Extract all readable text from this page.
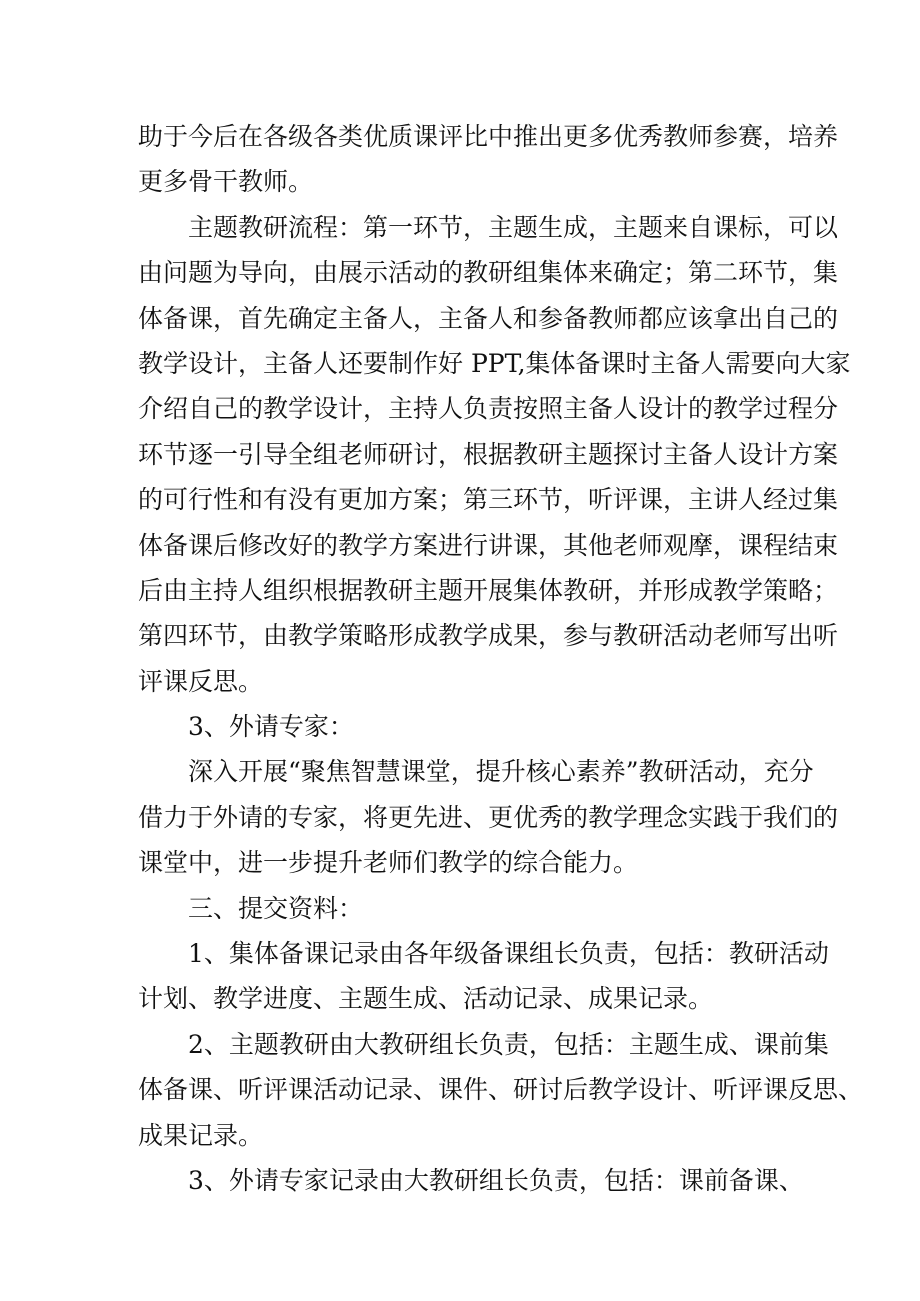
助于今后在各级各类优质课评比中推出更多优秀教师参赛，培养
更多骨干教师。
主题教研流程：第一环节，主题生成，主题来自课标，可以
由问题为导向，由展示活动的教研组集体来确定；第二环节，集
体备课，首先确定主备人，主备人和参备教师都应该拿出自己的
教学设计，主备人还要制作好 PPT,集体备课时主备人需要向大家
介绍自己的教学设计，主持人负责按照主备人设计的教学过程分
环节逐一引导全组老师研讨，根据教研主题探讨主备人设计方案
的可行性和有没有更加方案；第三环节，听评课，主讲人经过集
体备课后修改好的教学方案进行讲课，其他老师观摩，课程结束
后由主持人组织根据教研主题开展集体教研，并形成教学策略；
第四环节，由教学策略形成教学成果，参与教研活动老师写出听
评课反思。
3、外请专家：
深入开展“聚焦智慧课堂，提升核心素养”教研活动，充分
借力于外请的专家，将更先进、更优秀的教学理念实践于我们的
课堂中，进一步提升老师们教学的综合能力。
三、提交资料：
1、集体备课记录由各年级备课组长负责，包括：教研活动
计划、教学进度、主题生成、活动记录、成果记录。
2、主题教研由大教研组长负责，包括：主题生成、课前集
体备课、听评课活动记录、课件、研讨后教学设计、听评课反思、
成果记录。
3、外请专家记录由大教研组长负责，包括：课前备课、
